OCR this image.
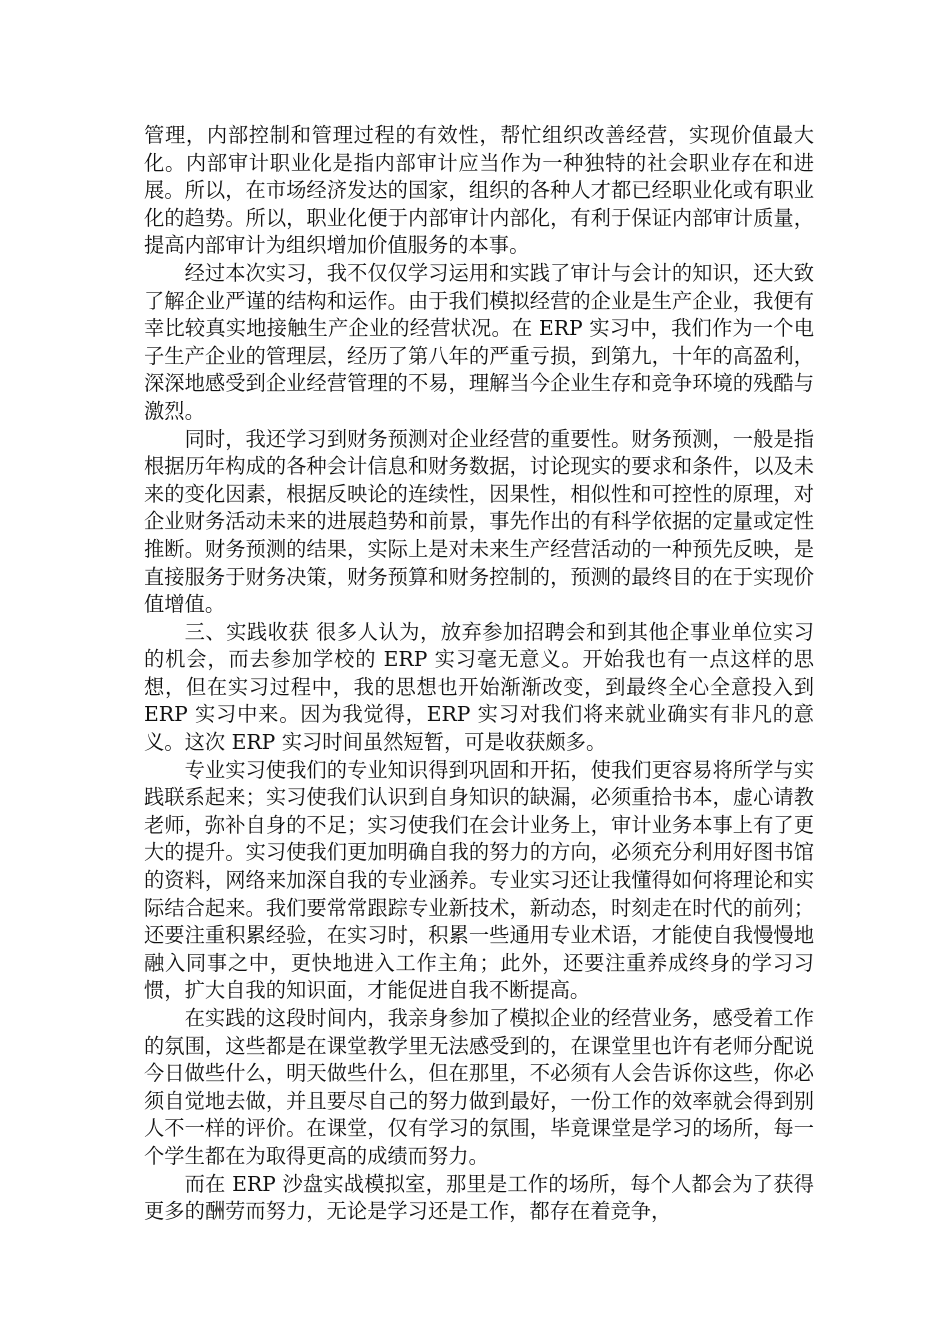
管理，内部控制和管理过程的有效性，帮忙组织改善经营，实现价值最大化。内部审计职业化是指内部审计应当作为一种独特的社会职业存在和进展。所以，在市场经济发达的国家，组织的各种人才都已经职业化或有职业化的趋势。所以，职业化便于内部审计内部化，有利于保证内部审计质量，提高内部审计为组织增加价值服务的本事。

经过本次实习，我不仅仅学习运用和实践了审计与会计的知识，还大致了解企业严谨的结构和运作。由于我们模拟经营的企业是生产企业，我便有幸比较真实地接触生产企业的经营状况。在 ERP 实习中，我们作为一个电子生产企业的管理层，经历了第八年的严重亏损，到第九，十年的高盈利，深深地感受到企业经营管理的不易，理解当今企业生存和竞争环境的残酷与激烈。

同时，我还学习到财务预测对企业经营的重要性。财务预测，一般是指根据历年构成的各种会计信息和财务数据，讨论现实的要求和条件，以及未来的变化因素，根据反映论的连续性，因果性，相似性和可控性的原理，对企业财务活动未来的进展趋势和前景，事先作出的有科学依据的定量或定性推断。财务预测的结果，实际上是对未来生产经营活动的一种预先反映，是直接服务于财务决策，财务预算和财务控制的，预测的最终目的在于实现价值增值。

三、实践收获 很多人认为，放弃参加招聘会和到其他企事业单位实习的机会，而去参加学校的 ERP 实习毫无意义。开始我也有一点这样的思想，但在实习过程中，我的思想也开始渐渐改变，到最终全心全意投入到 ERP 实习中来。因为我觉得，ERP 实习对我们将来就业确实有非凡的意义。这次 ERP 实习时间虽然短暂，可是收获颇多。

专业实习使我们的专业知识得到巩固和开拓，使我们更容易将所学与实践联系起来；实习使我们认识到自身知识的缺漏，必须重拾书本，虚心请教老师，弥补自身的不足；实习使我们在会计业务上，审计业务本事上有了更大的提升。实习使我们更加明确自我的努力的方向，必须充分利用好图书馆的资料，网络来加深自我的专业涵养。专业实习还让我懂得如何将理论和实际结合起来。我们要常常跟踪专业新技术，新动态，时刻走在时代的前列；还要注重积累经验，在实习时，积累一些通用专业术语，才能使自我慢慢地融入同事之中，更快地进入工作主角；此外，还要注重养成终身的学习习惯，扩大自我的知识面，才能促进自我不断提高。

在实践的这段时间内，我亲身参加了模拟企业的经营业务，感受着工作的氛围，这些都是在课堂教学里无法感受到的，在课堂里也许有老师分配说今日做些什么，明天做些什么，但在那里，不必须有人会告诉你这些，你必须自觉地去做，并且要尽自己的努力做到最好，一份工作的效率就会得到别人不一样的评价。在课堂，仅有学习的氛围，毕竟课堂是学习的场所，每一个学生都在为取得更高的成绩而努力。

而在 ERP 沙盘实战模拟室，那里是工作的场所，每个人都会为了获得更多的酬劳而努力，无论是学习还是工作，都存在着竞争，
